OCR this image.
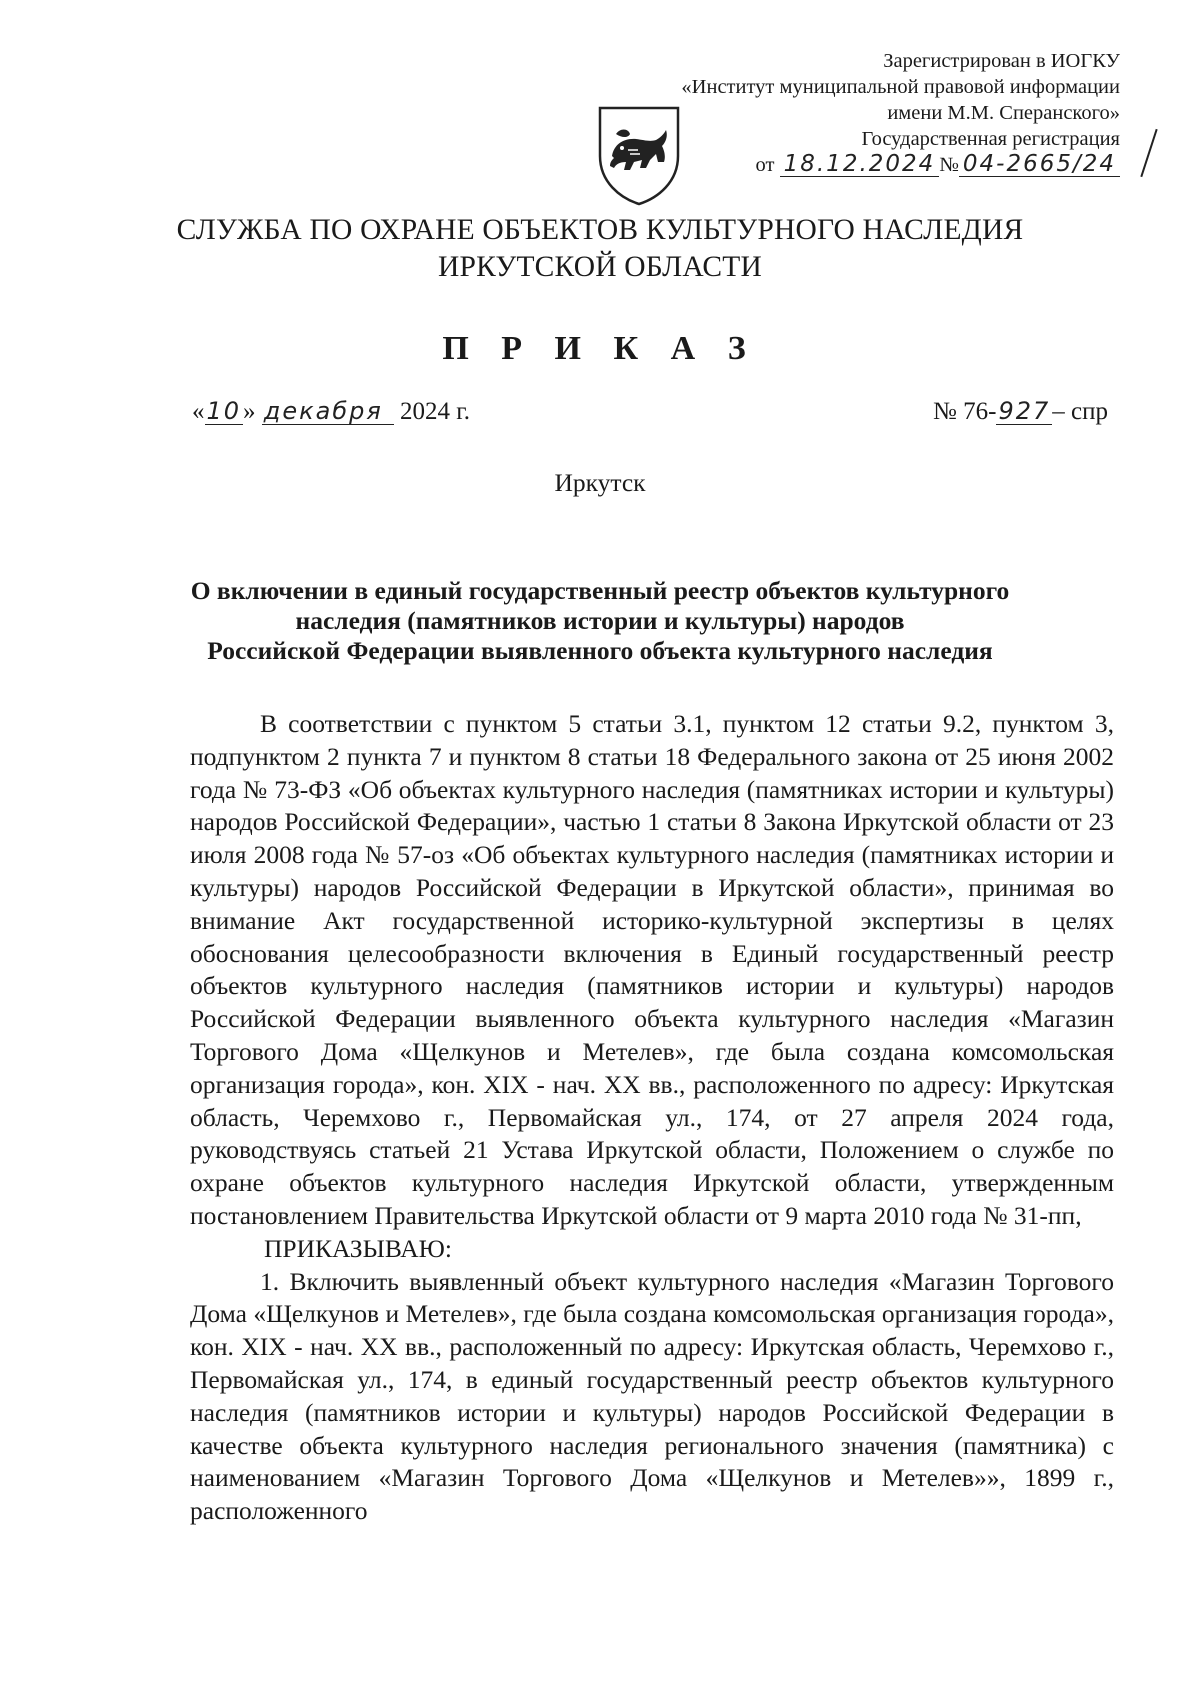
Зарегистрирован в ИОГКУ
«Институт муниципальной правовой информации
имени М.М. Сперанского»
Государственная регистрация
от 18.12.2024 № 04-2665/24
СЛУЖБА ПО ОХРАНЕ ОБЪЕКТОВ КУЛЬТУРНОГО НАСЛЕДИЯ
ИРКУТСКОЙ ОБЛАСТИ
П Р И К А З
«10» декабря 2024 г.	№ 76-927– спр
Иркутск
О включении в единый государственный реестр объектов культурного
наследия (памятников истории и культуры) народов
Российской Федерации выявленного объекта культурного наследия

В соответствии с пунктом 5 статьи 3.1, пунктом 12 статьи 9.2, пунктом 3, подпунктом 2 пункта 7 и пунктом 8 статьи 18 Федерального закона от 25 июня 2002 года № 73-ФЗ «Об объектах культурного наследия (памятниках истории и культуры) народов Российской Федерации», частью 1 статьи 8 Закона Иркутской области от 23 июля 2008 года № 57-оз «Об объектах культурного наследия (памятниках истории и культуры) народов Российской Федерации в Иркутской области», принимая во внимание Акт государственной историко-культурной экспертизы в целях обоснования целесообразности включения в Единый государственный реестр объектов культурного наследия (памятников истории и культуры) народов Российской Федерации выявленного объекта культурного наследия «Магазин Торгового Дома «Щелкунов и Метелев», где была создана комсомольская организация города», кон. XIX - нач. XX вв., расположенного по адресу: Иркутская область, Черемхово г., Первомайская ул., 174, от 27 апреля 2024 года, руководствуясь статьей 21 Устава Иркутской области, Положением о службе по охране объектов культурного наследия Иркутской области, утвержденным постановлением Правительства Иркутской области от 9 марта 2010 года № 31-пп,

ПРИКАЗЫВАЮ:

1. Включить выявленный объект культурного наследия «Магазин Торгового Дома «Щелкунов и Метелев», где была создана комсомольская организация города», кон. XIX - нач. XX вв., расположенный по адресу: Иркутская область, Черемхово г., Первомайская ул., 174, в единый государственный реестр объектов культурного наследия (памятников истории и культуры) народов Российской Федерации в качестве объекта культурного наследия регионального значения (памятника) с наименованием «Магазин Торгового Дома «Щелкунов и Метелев»», 1899 г., расположенного
